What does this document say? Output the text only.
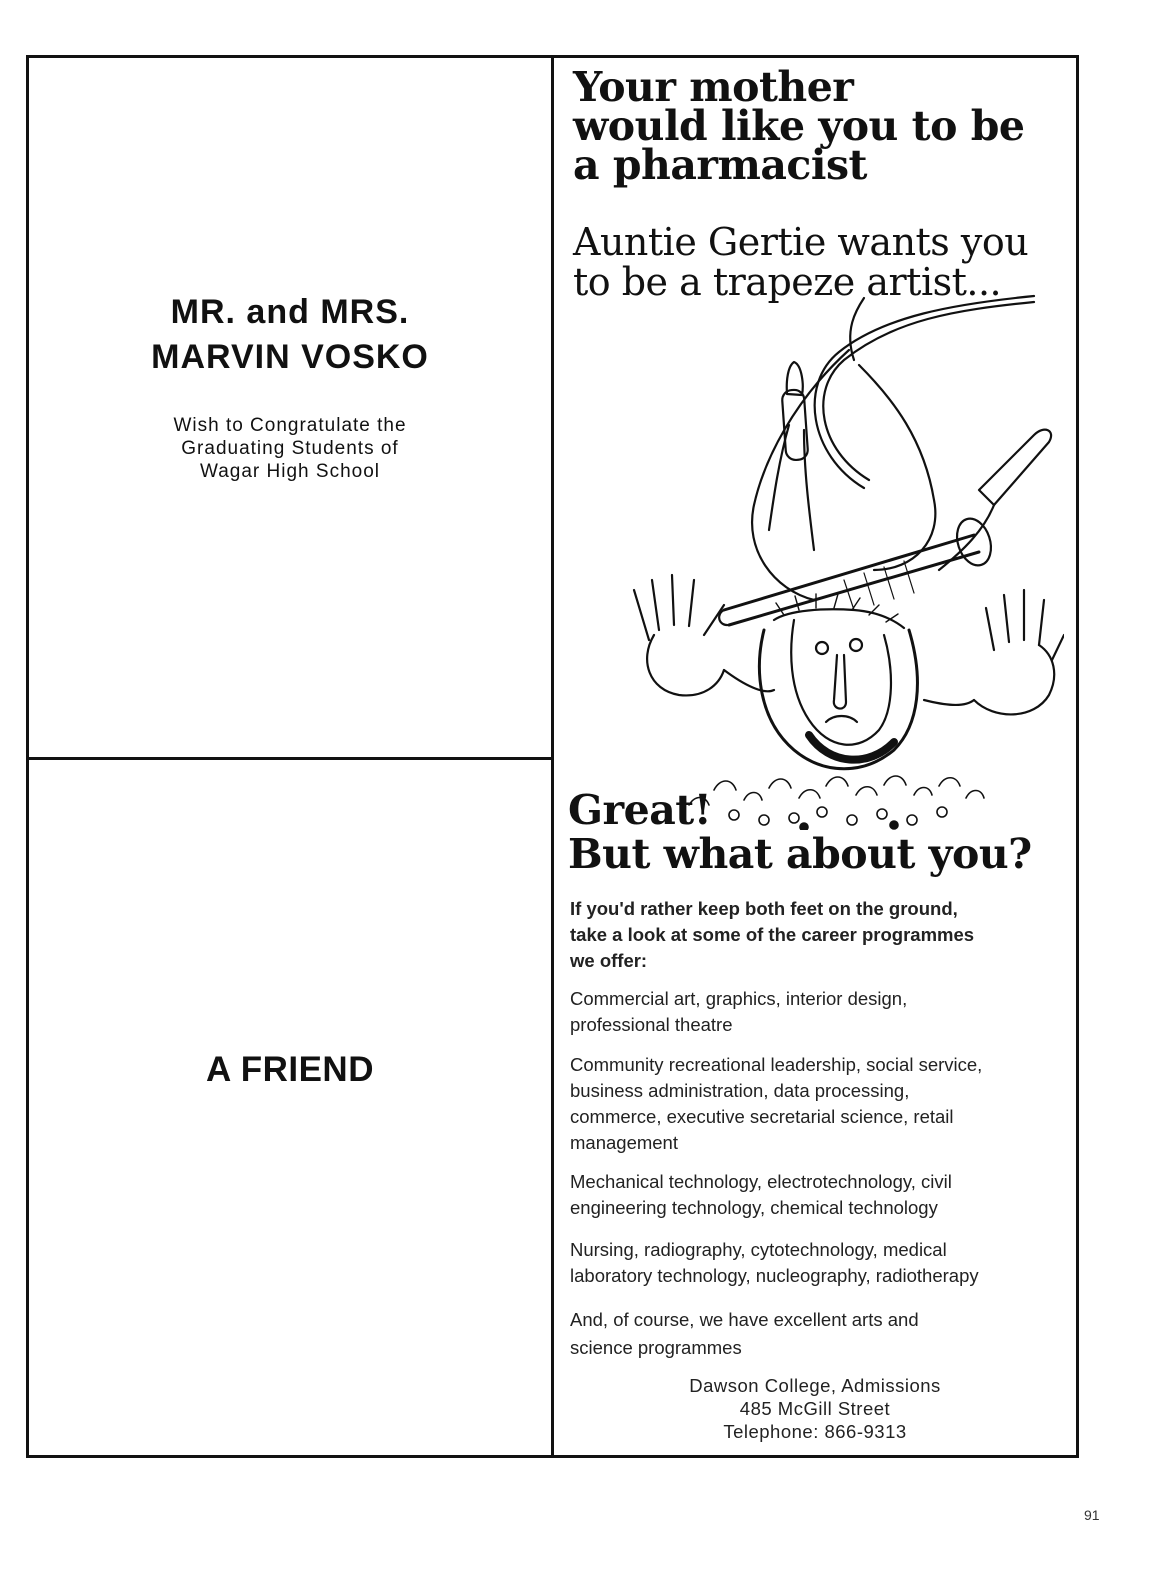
MR. and MRS.
MARVIN VOSKO
Wish to Congratulate the
Graduating Students of
Wagar High School
A FRIEND
Your mother
would like you to be
a pharmacist
Auntie Gertie wants you
to be a trapeze artist...
Great!
But what about you?
If you'd rather keep both feet on the ground,
take a look at some of the career programmes
we offer:
Commercial art, graphics, interior design,
professional theatre
Community recreational leadership, social service,
business administration, data processing,
commerce, executive secretarial science, retail
management
Mechanical technology, electrotechnology, civil
engineering technology, chemical technology
Nursing, radiography, cytotechnology, medical
laboratory technology, nucleography, radiotherapy
And, of course, we have excellent arts and
science programmes
Dawson College, Admissions
485 McGill Street
Telephone: 866-9313
91
